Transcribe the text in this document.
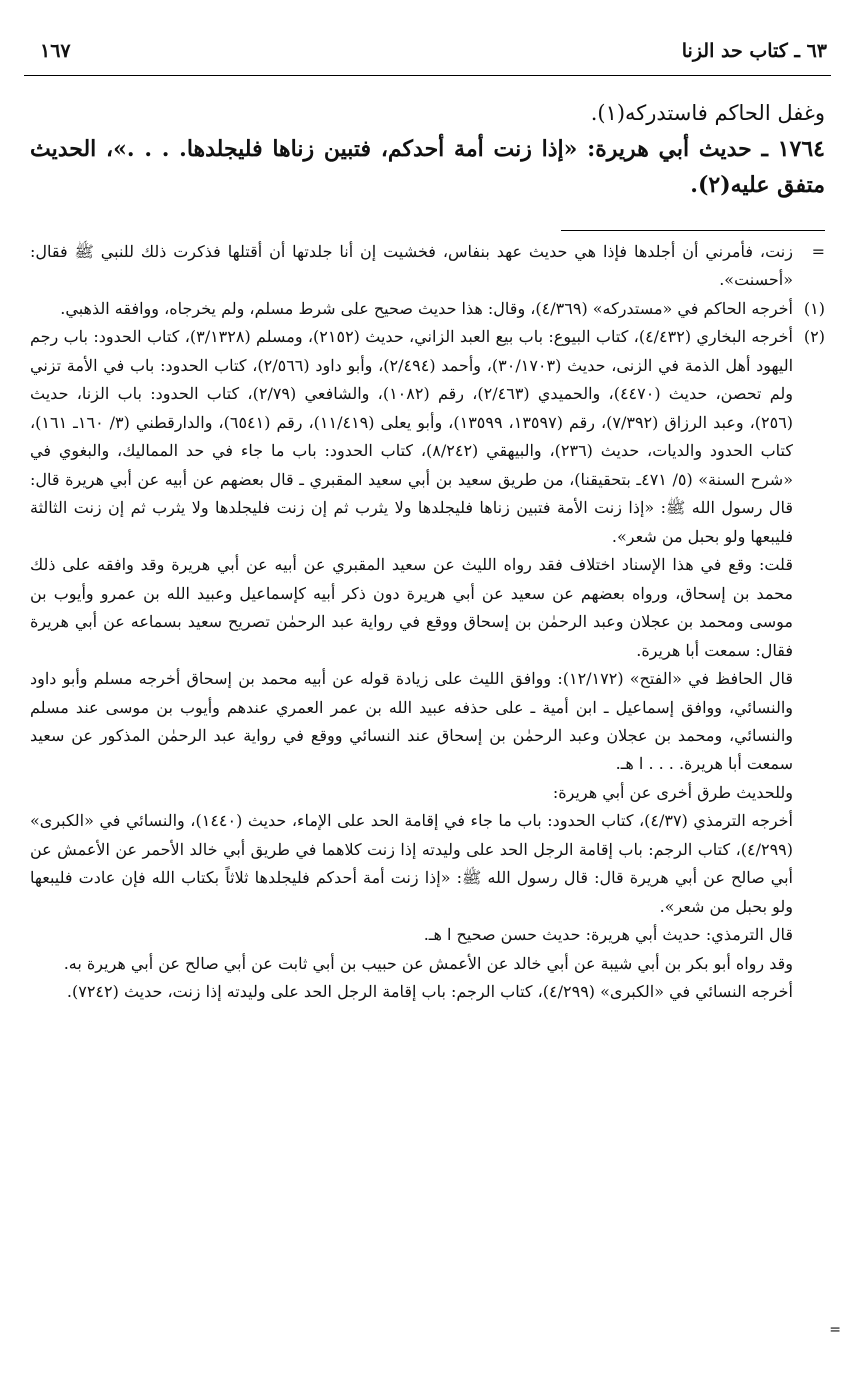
٦٣ ـ كتاب حد الزنا
١٦٧

وغفل الحاكم فاستدركه(١).

١٧٦٤ ـ حديث أبي هريرة: «إذا زنت أمة أحدكم، فتبين زناها فليجلدها. . . .»، الحديث متفق عليه(٢).

=
زنت، فأمرني أن أجلدها فإذا هي حديث عهد بنفاس، فخشيت إن أنا جلدتها أن أقتلها فذكرت ذلك للنبي ﷺ فقال: «أحسنت».

(١)
أخرجه الحاكم في «مستدركه» (٤/٣٦٩)، وقال: هذا حديث صحيح على شرط مسلم، ولم يخرجاه، ووافقه الذهبي.

(٢)

أخرجه البخاري (٤/٤٣٢)، كتاب البيوع: باب بيع العبد الزاني، حديث (٢١٥٢)، ومسلم (٣/١٣٢٨)، كتاب الحدود: باب رجم اليهود أهل الذمة في الزنى، حديث (٣٠/١٧٠٣)، وأحمد (٢/٤٩٤)، وأبو داود (٢/٥٦٦)، كتاب الحدود: باب في الأمة تزني ولم تحصن، حديث (٤٤٧٠)، والحميدي (٢/٤٦٣)، رقم (١٠٨٢)، والشافعي (٢/٧٩)، كتاب الحدود: باب الزنا، حديث (٢٥٦)، وعبد الرزاق (٧/٣٩٢)، رقم (١٣٥٩٧، ١٣٥٩٩)، وأبو يعلى (١١/٤١٩)، رقم (٦٥٤١)، والدارقطني (٣/ ١٦٠ـ ١٦١)، كتاب الحدود والديات، حديث (٢٣٦)، والبيهقي (٨/٢٤٢)، كتاب الحدود: باب ما جاء في حد المماليك، والبغوي في «شرح السنة» (٥/ ٤٧١ـ بتحقيقنا)، من طريق سعيد بن أبي سعيد المقبري ـ قال بعضهم عن أبيه عن أبي هريرة قال: قال رسول الله ﷺ: «إذا زنت الأمة فتبين زناها فليجلدها ولا يثرب ثم إن زنت فليجلدها ولا يثرب ثم إن زنت الثالثة فليبعها ولو بحبل من شعر».

قلت: وقع في هذا الإسناد اختلاف فقد رواه الليث عن سعيد المقبري عن أبيه عن أبي هريرة وقد وافقه على ذلك محمد بن إسحاق، ورواه بعضهم عن سعيد عن أبي هريرة دون ذكر أبيه كإسماعيل وعبيد الله بن عمرو وأيوب بن موسى ومحمد بن عجلان وعبد الرحمٰن بن إسحاق ووقع في رواية عبد الرحمٰن تصريح سعيد بسماعه عن أبي هريرة فقال: سمعت أبا هريرة.

قال الحافظ في «الفتح» (١٢/١٧٢): ووافق الليث على زيادة قوله عن أبيه محمد بن إسحاق أخرجه مسلم وأبو داود والنسائي، ووافق إسماعيل ـ ابن أمية ـ على حذفه عبيد الله بن عمر العمري عندهم وأيوب بن موسى عند مسلم والنسائي، ومحمد بن عجلان وعبد الرحمٰن بن إسحاق عند النسائي ووقع في رواية عبد الرحمٰن المذكور عن سعيد سمعت أبا هريرة. . . . ا هـ.

وللحديث طرق أخرى عن أبي هريرة:

أخرجه الترمذي (٤/٣٧)، كتاب الحدود: باب ما جاء في إقامة الحد على الإماء، حديث (١٤٤٠)، والنسائي في «الكبرى» (٤/٢٩٩)، كتاب الرجم: باب إقامة الرجل الحد على وليدته إذا زنت كلاهما في طريق أبي خالد الأحمر عن الأعمش عن أبي صالح عن أبي هريرة قال: قال رسول الله ﷺ: «إذا زنت أمة أحدكم فليجلدها ثلاثاً بكتاب الله فإن عادت فليبعها ولو بحبل من شعر».

قال الترمذي: حديث أبي هريرة: حديث حسن صحيح ا هـ.

وقد رواه أبو بكر بن أبي شيبة عن أبي خالد عن الأعمش عن حبيب بن أبي ثابت عن أبي صالح عن أبي هريرة به.

أخرجه النسائي في «الكبرى» (٤/٢٩٩)، كتاب الرجم: باب إقامة الرجل الحد على وليدته إذا زنت، حديث (٧٢٤٢).

=
